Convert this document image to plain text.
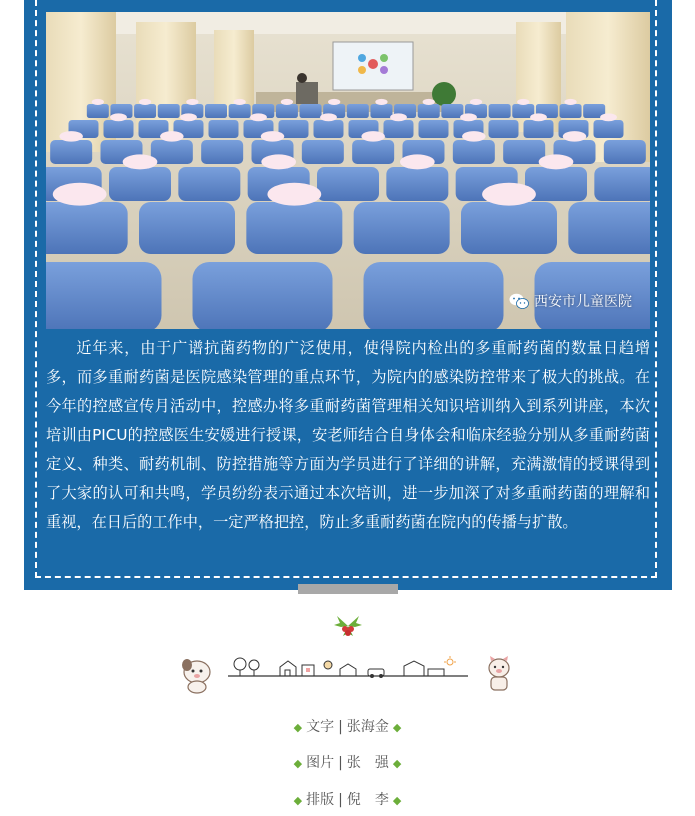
西安市儿童医院

近年来，由于广谱抗菌药物的广泛使用，使得院内检出的多重耐药菌的数量日趋增多，而多重耐药菌是医院感染管理的重点环节，为院内的感染防控带来了极大的挑战。在今年的控感宣传月活动中，控感办将多重耐药菌管理相关知识培训纳入到系列讲座，本次培训由PICU的控感医生安媛进行授课，安老师结合自身体会和临床经验分别从多重耐药菌定义、种类、耐药机制、防控措施等方面为学员进行了详细的讲解，充满激情的授课得到了大家的认可和共鸣，学员纷纷表示通过本次培训，进一步加深了对多重耐药菌的理解和重视，在日后的工作中，一定严格把控，防止多重耐药菌在院内的传播与扩散。

◆ 文字 | 张海金 ◆
◆ 图片 | 张　强 ◆
◆ 排版 | 倪　李 ◆
